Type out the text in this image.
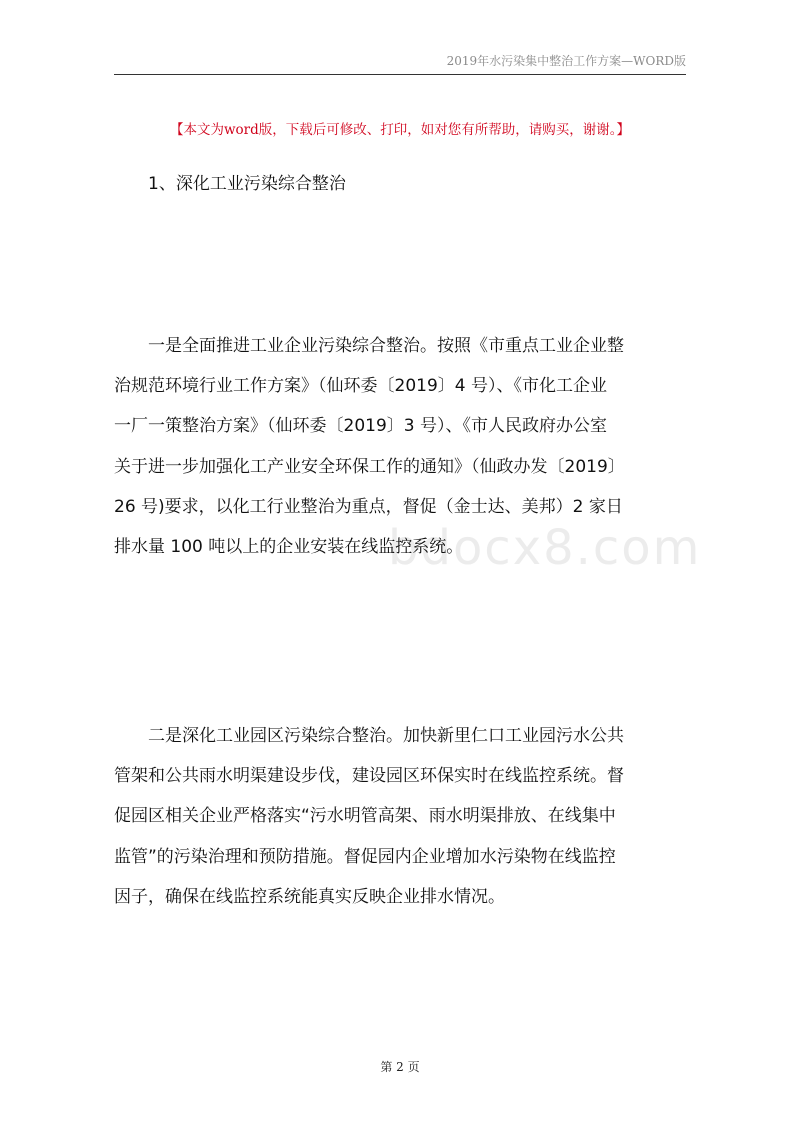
2019年水污染集中整治工作方案—WORD版
bdocx8.com
【本文为word版，下载后可修改、打印，如对您有所帮助，请购买，谢谢。】
1、深化工业污染综合整治

一是全面推进工业企业污染综合整治。按照《市重点工业企业整
治规范环境行业工作方案》（仙环委〔2019〕4 号）、《市化工企业
一厂一策整治方案》（仙环委〔2019〕3 号）、《市人民政府办公室
关于进一步加强化工产业安全环保工作的通知》（仙政办发〔2019〕
26 号)要求，以化工行业整治为重点，督促（金士达、美邦）2 家日
排水量 100 吨以上的企业安装在线监控系统。

二是深化工业园区污染综合整治。加快新里仁口工业园污水公共
管架和公共雨水明渠建设步伐，建设园区环保实时在线监控系统。督
促园区相关企业严格落实“污水明管高架、雨水明渠排放、在线集中
监管”的污染治理和预防措施。督促园内企业增加水污染物在线监控
因子，确保在线监控系统能真实反映企业排水情况。

第 2 页
